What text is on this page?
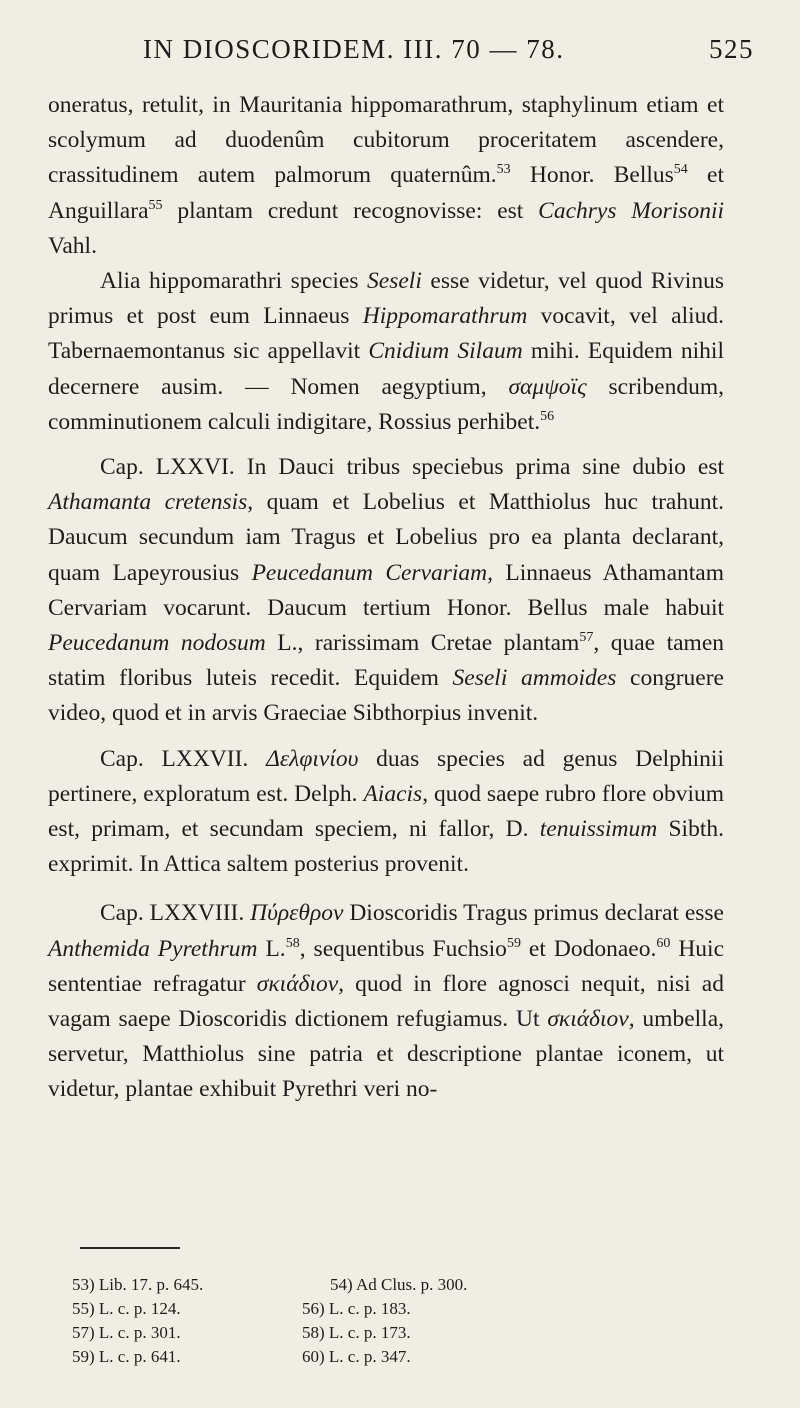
IN DIOSCORIDEM. III. 70 — 78.	525

oneratus, retulit, in Mauritania hippomarathrum, staphylinum etiam et scolymum ad duodenûm cubitorum proceritatem ascendere, crassitudinem autem palmorum quaternûm.$^{53}$ Honor. Bellus$^{54}$ et Anguillara$^{55}$ plantam credunt recognovisse: est Cachrys Morisonii Vahl.

Alia hippomarathri species Seseli esse videtur, vel quod Rivinus primus et post eum Linnaeus Hippomarathrum vocavit, vel aliud. Tabernaemontanus sic appellavit Cnidium Silaum mihi. Equidem nihil decernere ausim. — Nomen aegyptium, σαμψοϊς scribendum, comminutionem calculi indigitare, Rossius perhibet.$^{56}$

Cap. LXXVI. In Dauci tribus speciebus prima sine dubio est Athamanta cretensis, quam et Lobelius et Matthiolus huc trahunt. Daucum secundum iam Tragus et Lobelius pro ea planta declarant, quam Lapeyrousius Peucedanum Cervariam, Linnaeus Athamantam Cervariam vocarunt. Daucum tertium Honor. Bellus male habuit Peucedanum nodosum L., rarissimam Cretae plantam$^{57}$, quae tamen statim floribus luteis recedit. Equidem Seseli ammoides congruere video, quod et in arvis Graeciae Sibthorpius invenit.

Cap. LXXVII. Δελφινίου duas species ad genus Delphinii pertinere, exploratum est. Delph. Aiacis, quod saepe rubro flore obvium est, primam, et secundam speciem, ni fallor, D. tenuissimum Sibth. exprimit. In Attica saltem posterius provenit.

Cap. LXXVIII. Πύρεθρον Dioscoridis Tragus primus declarat esse Anthemida Pyrethrum L.$^{58}$, sequentibus Fuchsio$^{59}$ et Dodonaeo.$^{60}$ Huic sententiae refragatur σκιάδιον, quod in flore agnosci nequit, nisi ad vagam saepe Dioscoridis dictionem refugiamus. Ut σκιάδιον, umbella, servetur, Matthiolus sine patria et descriptione plantae iconem, ut videtur, plantae exhibuit Pyrethri veri no-

53) Lib. 17. p. 645.	54) Ad Clus. p. 300.
55) L. c. p. 124.	56) L. c. p. 183.
57) L. c. p. 301.	58) L. c. p. 173.
59) L. c. p. 641.	60) L. c. p. 347.
